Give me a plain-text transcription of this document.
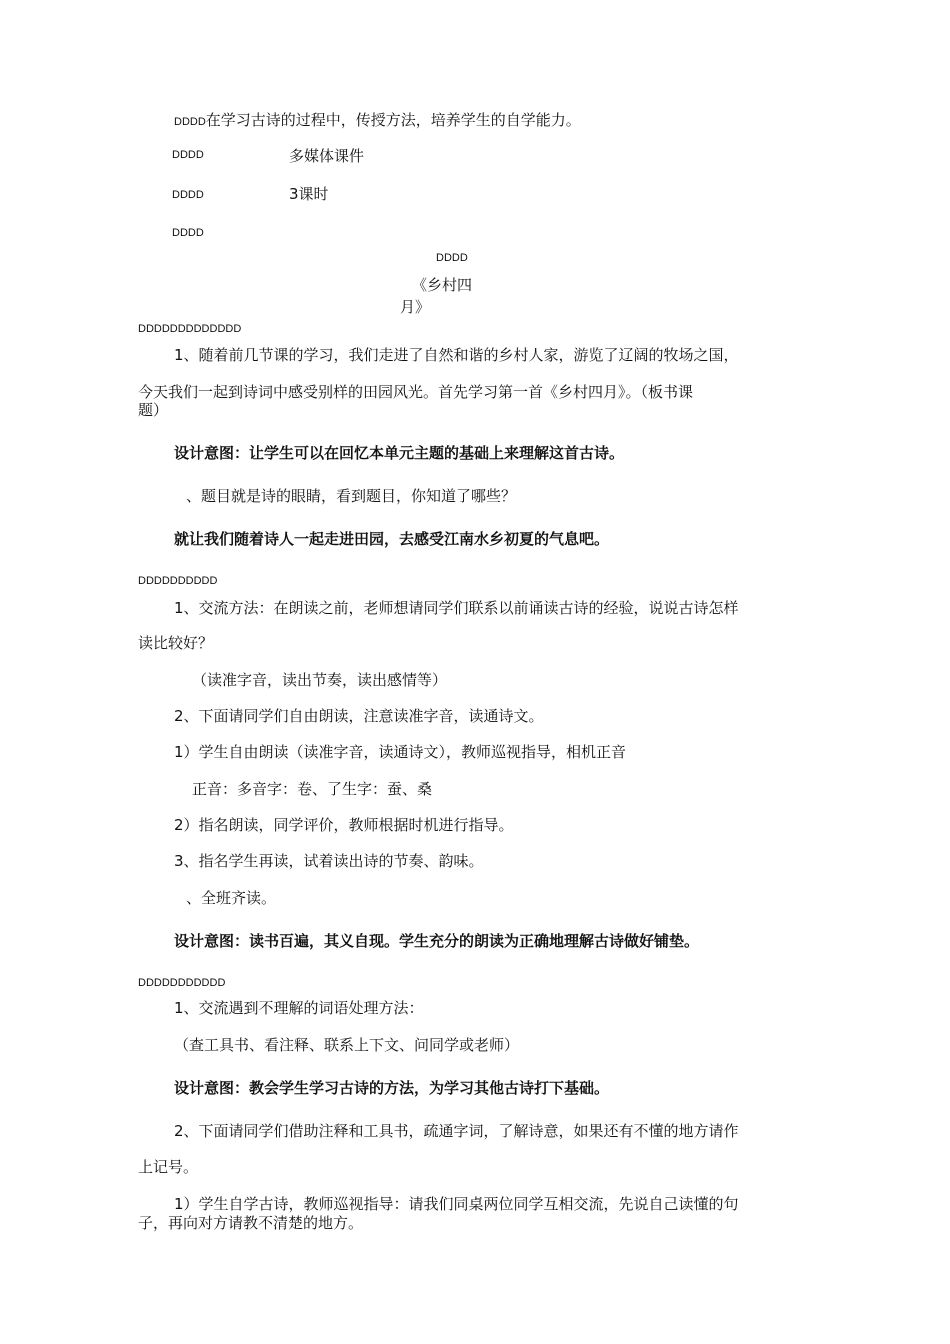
DDDD在学习古诗的过程中，传授方法，培养学生的自学能力。
DDDD	多媒体课件
DDDD	3课时
DDDD
DDDD
《乡村四
月》
DDDDDDDDDDDDD
1、随着前几节课的学习，我们走进了自然和谐的乡村人家，游览了辽阔的牧场之国，
今天我们一起到诗词中感受别样的田园风光。首先学习第一首《乡村四月》。（板书课
题）
设计意图：让学生可以在回忆本单元主题的基础上来理解这首古诗。
、题目就是诗的眼睛，看到题目，你知道了哪些？
就让我们随着诗人一起走进田园，去感受江南水乡初夏的气息吧。
DDDDDDDDDD
1、交流方法：在朗读之前，老师想请同学们联系以前诵读古诗的经验，说说古诗怎样
读比较好？
（读准字音，读出节奏，读出感情等）
2、下面请同学们自由朗读，注意读准字音，读通诗文。
1）学生自由朗读（读准字音，读通诗文），教师巡视指导，相机正音
正音：多音字：卷、了生字：蚕、桑
2）指名朗读，同学评价，教师根据时机进行指导。
3、指名学生再读，试着读出诗的节奏、韵味。
、全班齐读。
设计意图：读书百遍，其义自现。学生充分的朗读为正确地理解古诗做好铺垫。
DDDDDDDDDDD
1、交流遇到不理解的词语处理方法：
（查工具书、看注释、联系上下文、问同学或老师）
设计意图：教会学生学习古诗的方法，为学习其他古诗打下基础。
2、下面请同学们借助注释和工具书，疏通字词，了解诗意，如果还有不懂的地方请作
上记号。
1）学生自学古诗，教师巡视指导：请我们同桌两位同学互相交流，先说自己读懂的句
子，再向对方请教不清楚的地方。
